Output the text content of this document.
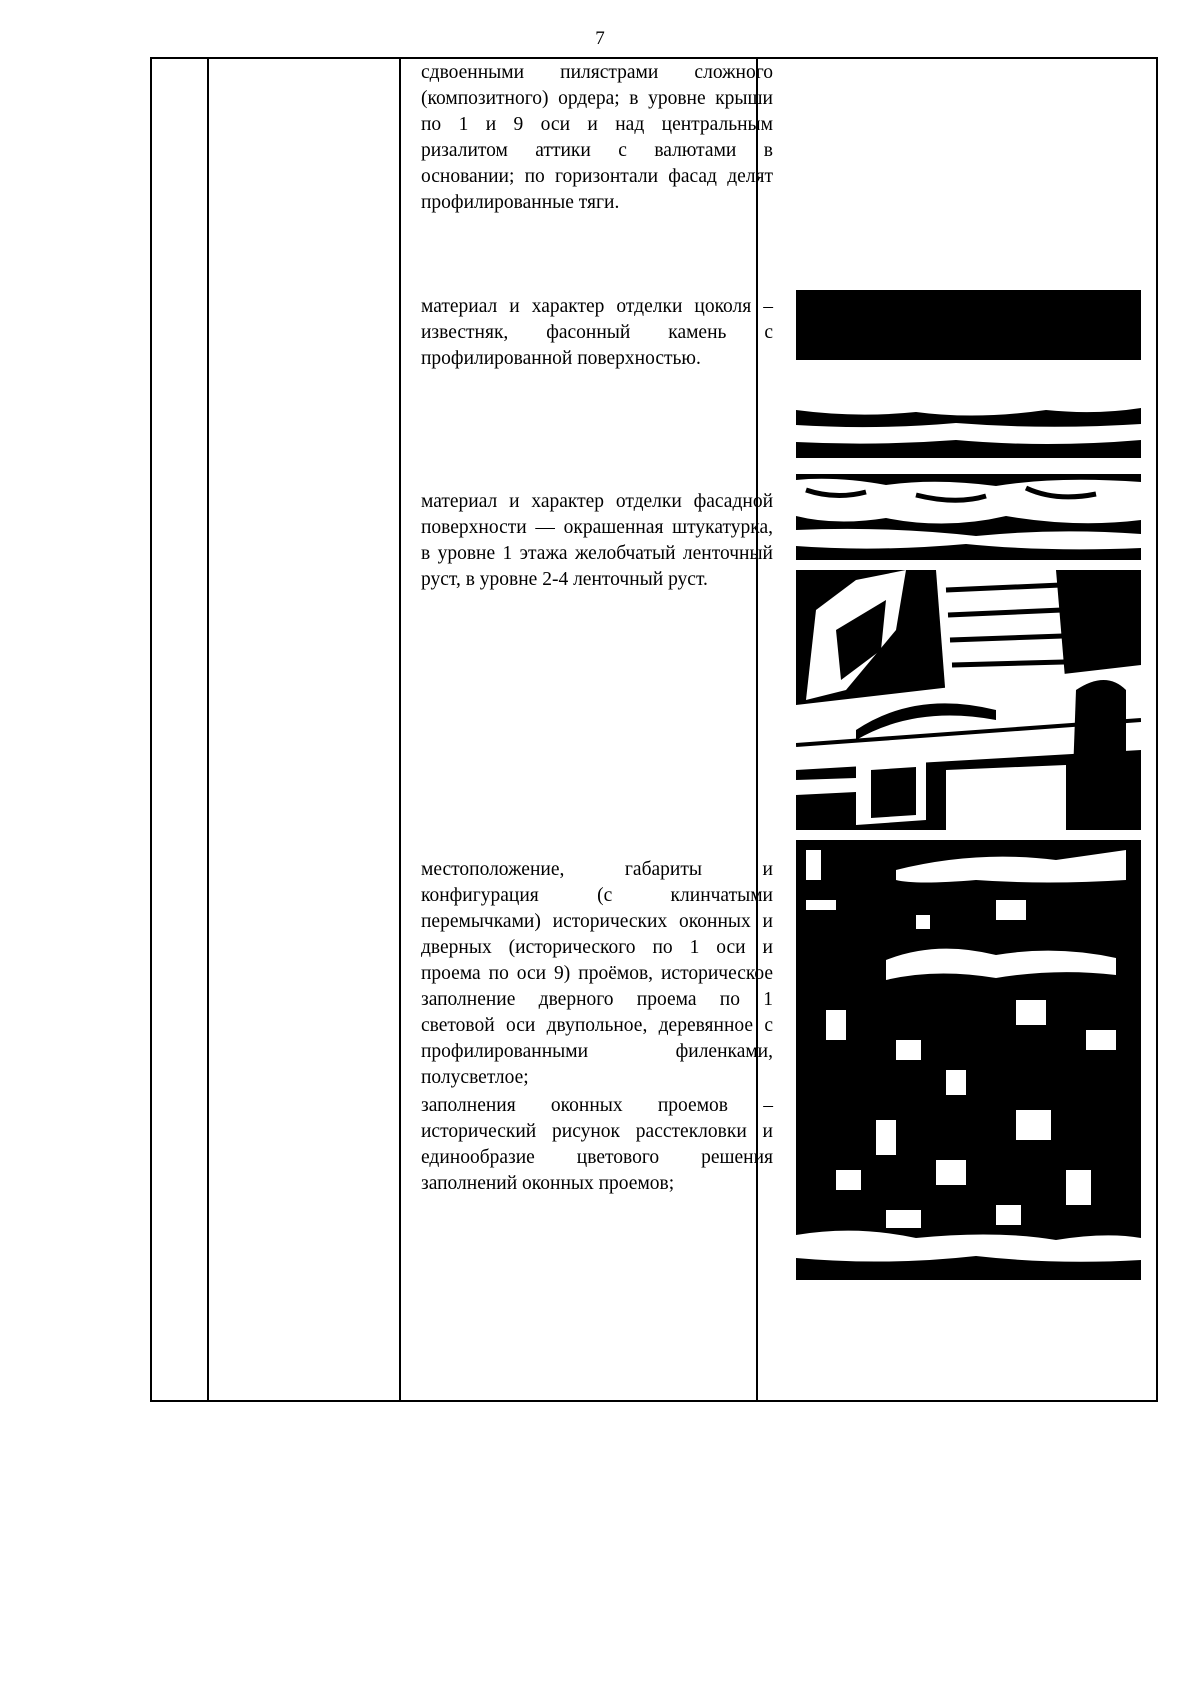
7
сдвоенными пилястрами сложного (композитного) ордера; в уровне крыши по 1 и 9 оси и над центральным ризалитом аттики с валютами в основании; по горизонтали фасад делят профилированные тяги.
материал и характер отделки цоколя – известняк, фасонный камень с профилированной поверхностью.
материал и характер отделки фасадной поверхности — окрашенная штукатурка, в уровне 1 этажа желобчатый ленточный руст, в уровне 2-4 ленточный руст.
местоположение, габариты и конфигурация (с клинчатыми перемычками) исторических оконных и дверных (исторического по 1 оси и проема по оси 9) проёмов, историческое заполнение дверного проема по 1 световой оси двупольное, деревянное с профилированными филенками, полусветлое;
заполнения оконных проемов – исторический рисунок расстекловки и единообразие цветового решения заполнений оконных проемов;
